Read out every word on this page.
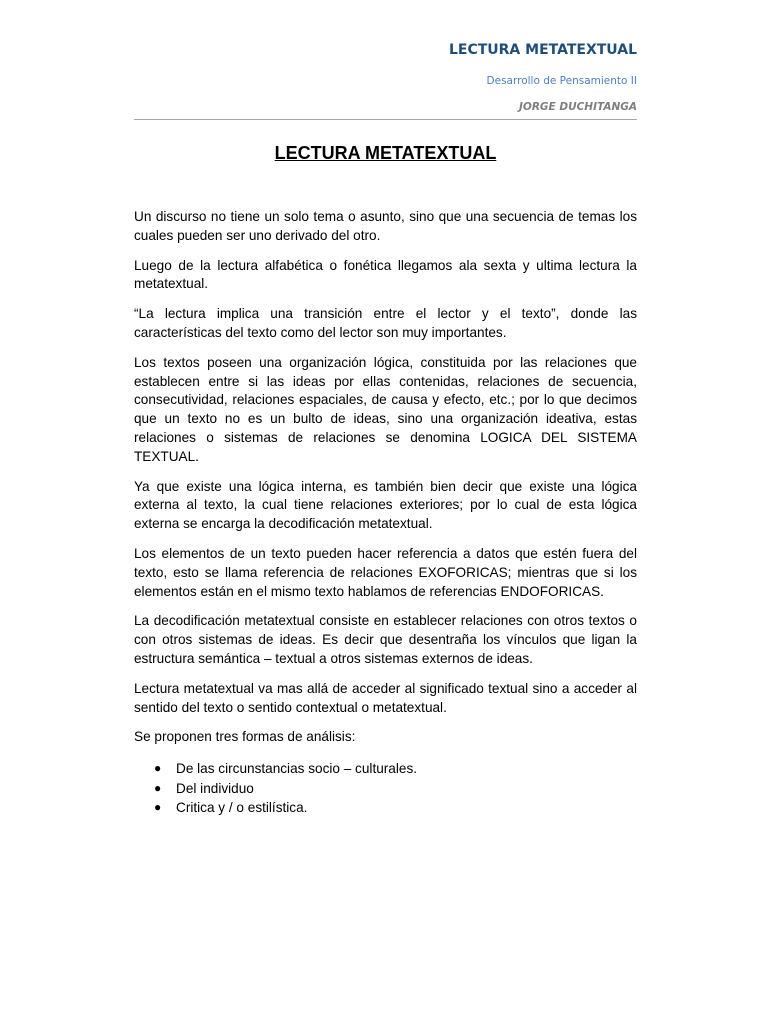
LECTURA METATEXTUAL
Desarrollo de Pensamiento II
JORGE DUCHITANGA
LECTURA METATEXTUAL

Un discurso no tiene un solo tema o asunto, sino que una secuencia de temas los cuales pueden ser uno derivado del otro.

Luego de la lectura alfabética o fonética llegamos ala sexta y ultima lectura la metatextual.

“La lectura implica una transición entre el lector y el texto”, donde las características del texto como del lector son muy importantes.

Los textos poseen una organización lógica, constituida por las relaciones que establecen entre si las ideas por ellas contenidas, relaciones de secuencia, consecutividad, relaciones espaciales, de causa y efecto, etc.; por lo que decimos que un texto no es un bulto de ideas, sino una organización ideativa, estas relaciones o sistemas de relaciones se denomina LOGICA DEL SISTEMA TEXTUAL.

Ya que existe una lógica interna, es también bien decir que existe una lógica externa al texto, la cual tiene relaciones exteriores; por lo cual de esta lógica externa se encarga la decodificación metatextual.

Los elementos de un texto pueden hacer referencia a datos que estén fuera del texto, esto se llama referencia de relaciones EXOFORICAS; mientras que si los elementos están en el mismo texto hablamos de referencias ENDOFORICAS.

La decodificación metatextual consiste en establecer relaciones con otros textos o con otros sistemas de ideas. Es decir que desentraña los vínculos que ligan la estructura semántica – textual a otros sistemas externos de ideas.

Lectura metatextual va mas allá de acceder al significado textual sino a acceder al sentido del texto o sentido contextual o metatextual.

Se proponen tres formas de análisis:

● De las circunstancias socio – culturales.
● Del individuo
● Critica y / o estilística.
